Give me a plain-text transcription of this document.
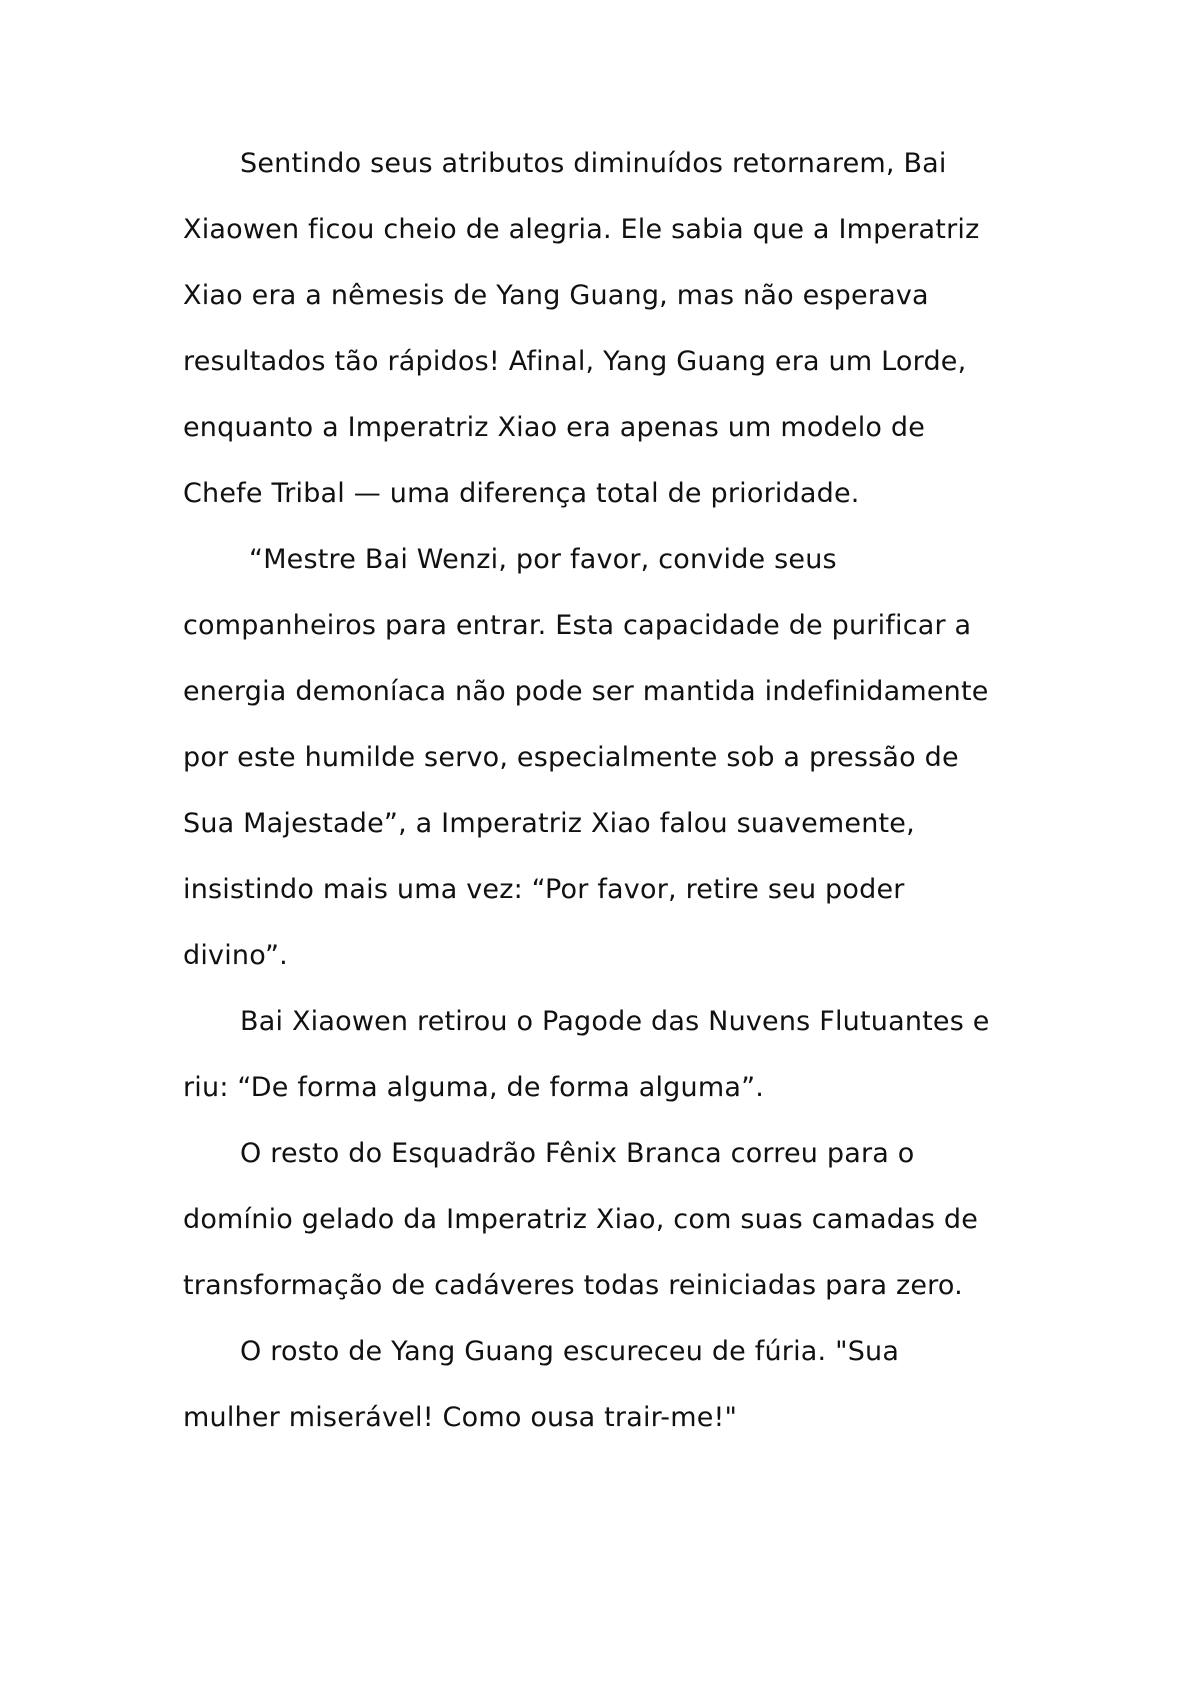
Sentindo seus atributos diminuídos retornarem, Bai
Xiaowen ficou cheio de alegria. Ele sabia que a Imperatriz
Xiao era a nêmesis de Yang Guang, mas não esperava
resultados tão rápidos! Afinal, Yang Guang era um Lorde,
enquanto a Imperatriz Xiao era apenas um modelo de
Chefe Tribal — uma diferença total de prioridade.
“Mestre Bai Wenzi, por favor, convide seus
companheiros para entrar. Esta capacidade de purificar a
energia demoníaca não pode ser mantida indefinidamente
por este humilde servo, especialmente sob a pressão de
Sua Majestade”, a Imperatriz Xiao falou suavemente,
insistindo mais uma vez: “Por favor, retire seu poder
divino”.
Bai Xiaowen retirou o Pagode das Nuvens Flutuantes e
riu: “De forma alguma, de forma alguma”.
O resto do Esquadrão Fênix Branca correu para o
domínio gelado da Imperatriz Xiao, com suas camadas de
transformação de cadáveres todas reiniciadas para zero.
O rosto de Yang Guang escureceu de fúria. "Sua
mulher miserável! Como ousa trair-me!"
